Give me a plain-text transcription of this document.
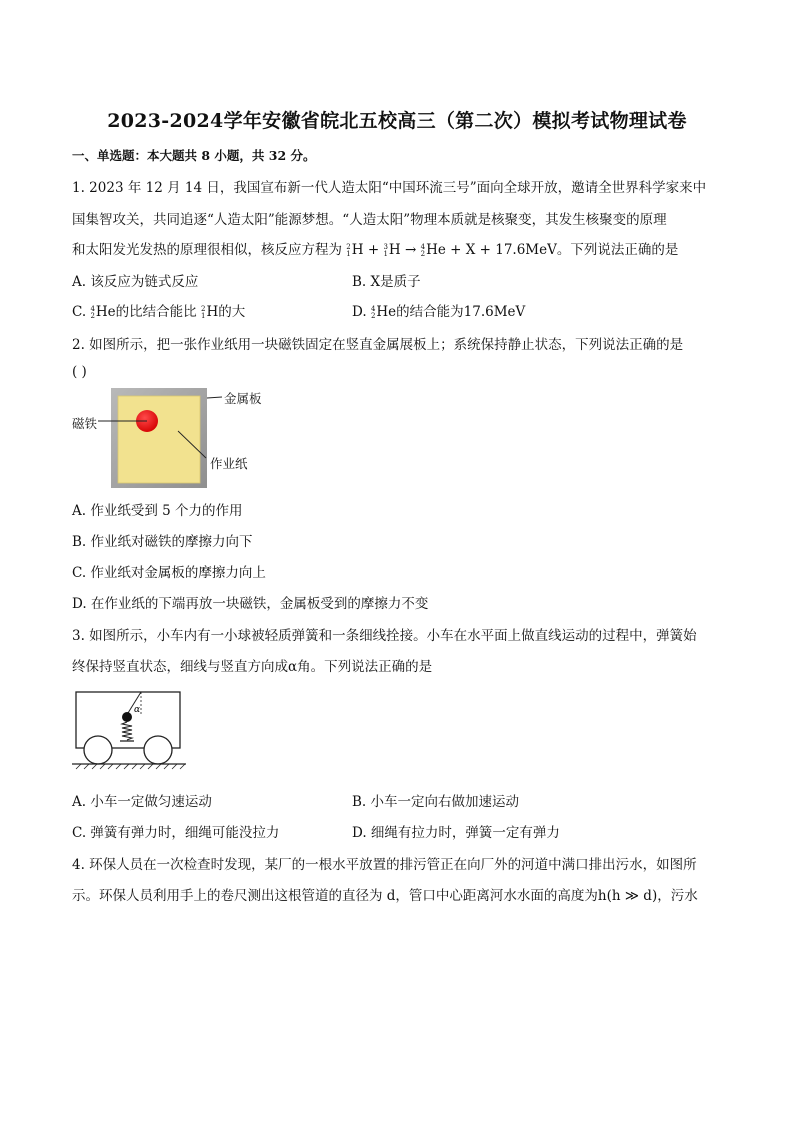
2023-2024学年安徽省皖北五校高三（第二次）模拟考试物理试卷
一、单选题：本大题共 8 小题，共 32 分。
1. 2023 年 12 月 14 日，我国宣布新一代人造太阳“中国环流三号”面向全球开放，邀请全世界科学家来中
国集智攻关，共同追逐“人造太阳”能源梦想。“人造太阳”物理本质就是核聚变，其发生核聚变的原理
和太阳发光发热的原理很相似，核反应方程为 2
1 H + 3
1 H → 4
2 He + X + 17.6MeV。下列说法正确的是
A. 该反应为链式反应	B. X是质子
C. 4
2 He的比结合能比 2
1 H的大	D. 4
2 He的结合能为17.6MeV
2. 如图所示，把一张作业纸用一块磁铁固定在竖直金属展板上；系统保持静止状态，下列说法正确的是
( )
金属板
磁铁
作业纸
A. 作业纸受到 5 个力的作用
B. 作业纸对磁铁的摩擦力向下
C. 作业纸对金属板的摩擦力向上
D. 在作业纸的下端再放一块磁铁，金属板受到的摩擦力不变
3. 如图所示，小车内有一小球被轻质弹簧和一条细线拴接。小车在水平面上做直线运动的过程中，弹簧始
终保持竖直状态，细线与竖直方向成α角。下列说法正确的是
α
A. 小车一定做匀速运动	B. 小车一定向右做加速运动
C. 弹簧有弹力时，细绳可能没拉力	D. 细绳有拉力时，弹簧一定有弹力
4. 环保人员在一次检查时发现，某厂的一根水平放置的排污管正在向厂外的河道中满口排出污水，如图所
示。环保人员利用手上的卷尺测出这根管道的直径为 d，管口中心距离河水水面的高度为h(h ≫ d)，污水
